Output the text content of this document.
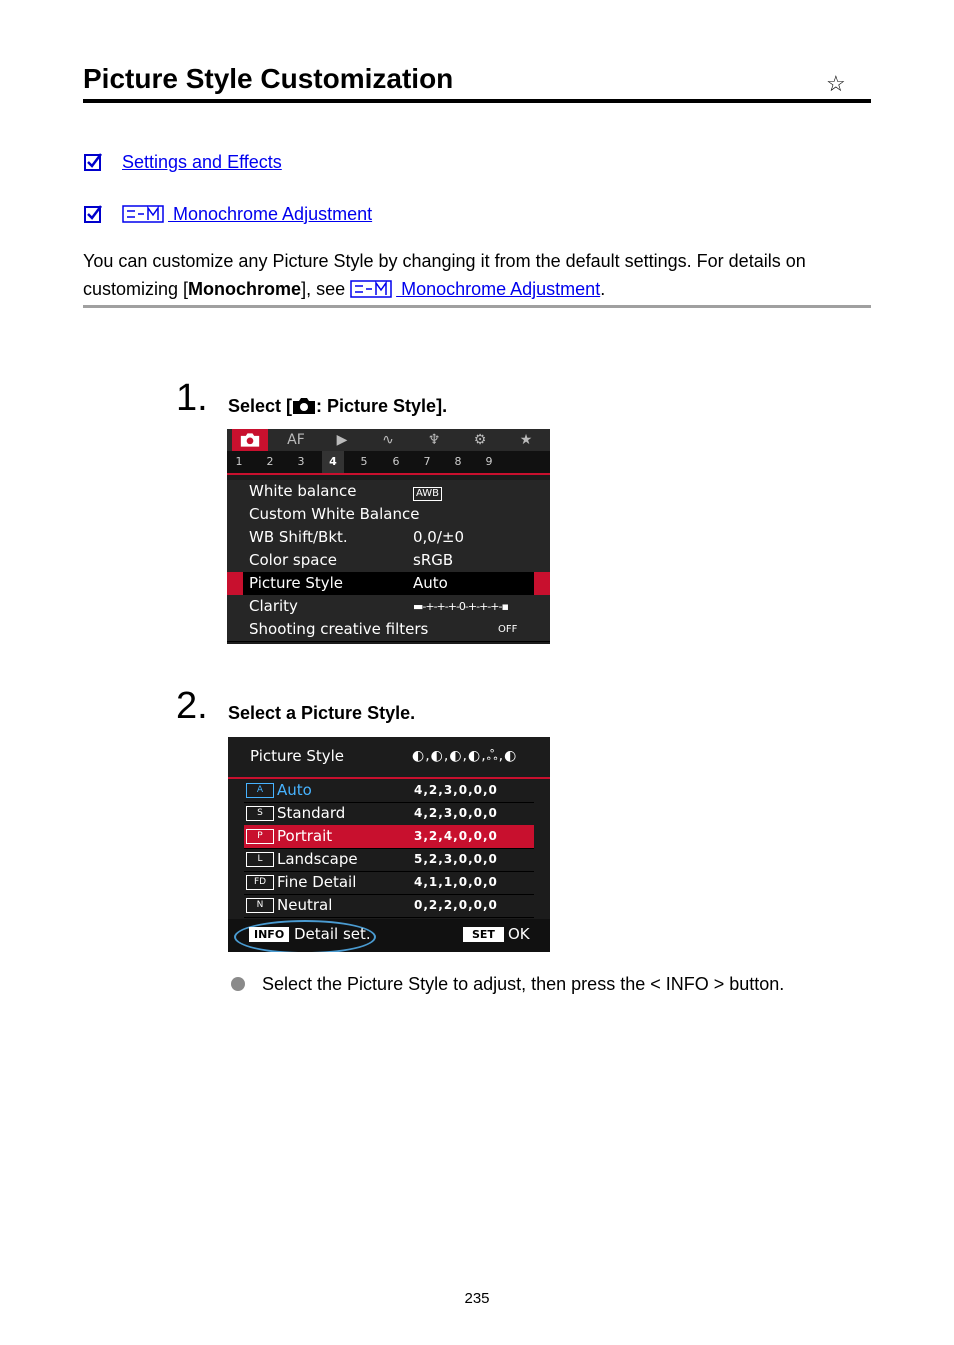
Picture Style Customization	☆
Settings and Effects
Monochrome Adjustment
You can customize any Picture Style by changing it from the default settings. For details on customizing [Monochrome], see	Monochrome Adjustment.
1. Select [ : Picture Style].
AF	▶	∿	♆	⚙	★
1	2	3	4	5	6	7	8	9
White balance	AWB
Custom White Balance
WB Shift/Bkt.	0,0/±0
Color space	sRGB
Picture Style	Auto
Clarity	▬-+-+-+-0-+-+-+-▪
Shooting creative filters	OFF
2. Select a Picture Style.
Picture Style	◐,◐,◐,◐,ஃ,◐
A Auto	4,2,3,0,0,0
S Standard	4,2,3,0,0,0
P Portrait	3,2,4,0,0,0
L Landscape	5,2,3,0,0,0
FD Fine Detail	4,1,1,0,0,0
N Neutral	0,2,2,0,0,0
INFO Detail set.	SET OK
Select the Picture Style to adjust, then press the < INFO > button.
235
